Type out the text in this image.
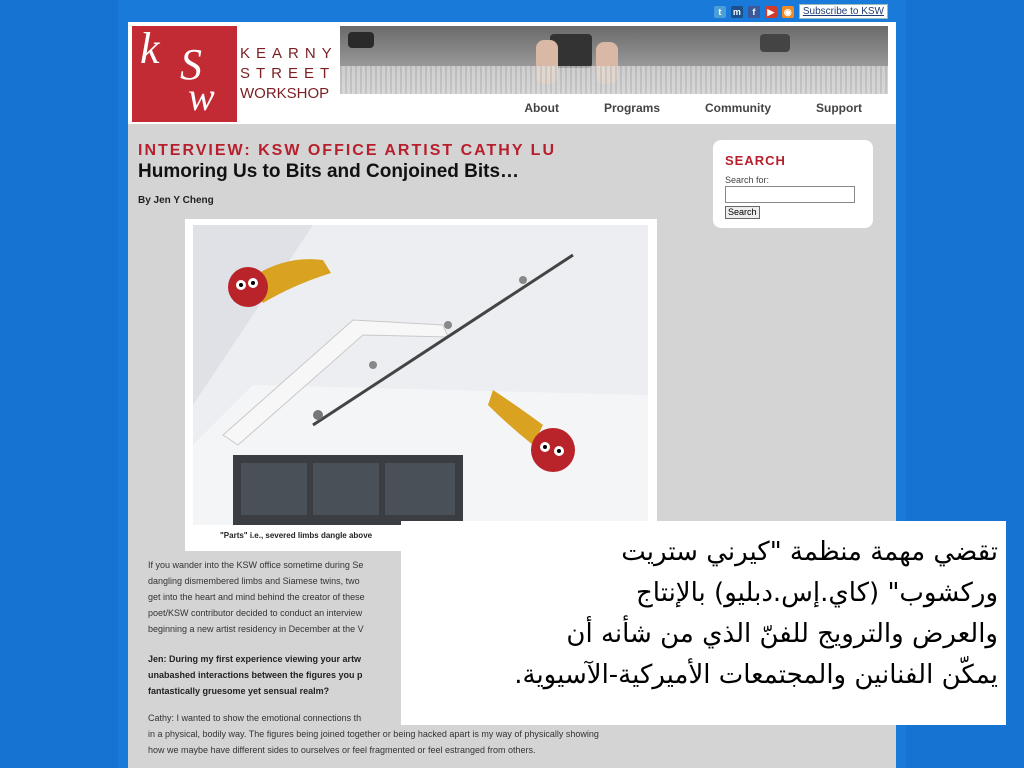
t	m	f	▶ ◉	Subscribe to KSW
k S
w
KEARNY
STREET
WORKSHOP
About	Programs	Community	Support
INTERVIEW: KSW OFFICE ARTIST CATHY LU
Humoring Us to Bits and Conjoined Bits…
By Jen Y Cheng
"Parts" i.e., severed limbs dangle above
SEARCH
Search for:
Search
If you wander into the KSW office sometime during Se
dangling dismembered limbs and Siamese twins, two
get into the heart and mind behind the creator of these
poet/KSW contributor decided to conduct an interview
beginning a new artist residency in December at the V
Jen: During my first experience viewing your artw
unabashed interactions between the figures you p
fantastically gruesome yet sensual realm?
Cathy: I wanted to show the emotional connections th
in a physical, bodily way. The figures being joined together or being hacked apart is my way of physically showing
how we maybe have different sides to ourselves or feel fragmented or feel estranged from others.
تقضي مهمة منظمة "كيرني ستريت
وركشوب" (كاي.إس.دبليو) بالإنتاج
والعرض والترويج للفنّ الذي من شأنه أن
يمكّن الفنانين والمجتمعات الأميركية-الآسيوية.
